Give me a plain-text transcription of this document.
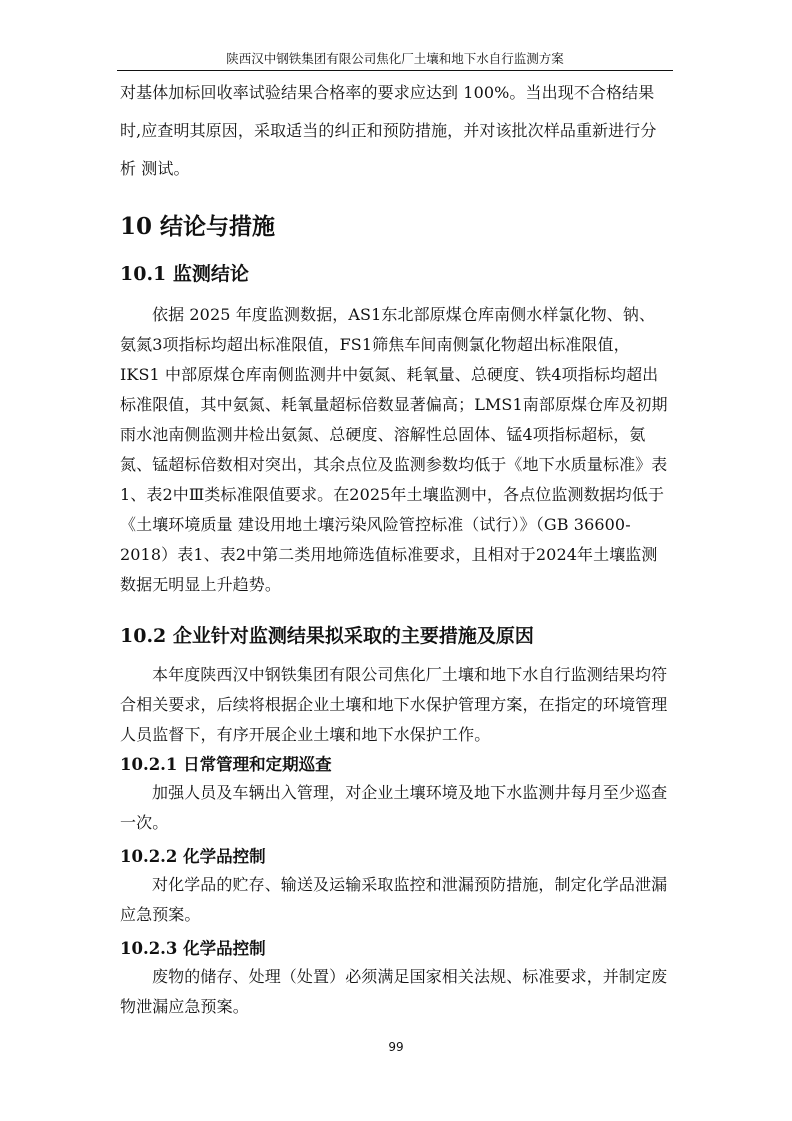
陕西汉中钢铁集团有限公司焦化厂土壤和地下水自行监测方案

对基体加标回收率试验结果合格率的要求应达到 100%。当出现不合格结果 时,应查明其原因，采取适当的纠正和预防措施，并对该批次样品重新进行分析 测试。

10 结论与措施
10.1 监测结论

依据 2025 年度监测数据，AS1东北部原煤仓库南侧水样氯化物、钠、氨氮3项指标均超出标准限值，FS1筛焦车间南侧氯化物超出标准限值，IKS1 中部原煤仓库南侧监测井中氨氮、耗氧量、总硬度、铁4项指标均超出标准限值，其中氨氮、耗氧量超标倍数显著偏高；LMS1南部原煤仓库及初期雨水池南侧监测井检出氨氮、总硬度、溶解性总固体、锰4项指标超标，氨氮、锰超标倍数相对突出，其余点位及监测参数均低于《地下水质量标准》表1、表2中Ⅲ类标准限值要求。在2025年土壤监测中，各点位监测数据均低于《土壤环境质量 建设用地土壤污染风险管控标准（试行）》（GB 36600-2018）表1、表2中第二类用地筛选值标准要求，且相对于2024年土壤监测数据无明显上升趋势。

10.2 企业针对监测结果拟采取的主要措施及原因

本年度陕西汉中钢铁集团有限公司焦化厂土壤和地下水自行监测结果均符合相关要求，后续将根据企业土壤和地下水保护管理方案，在指定的环境管理人员监督下，有序开展企业土壤和地下水保护工作。

10.2.1 日常管理和定期巡查

加强人员及车辆出入管理，对企业土壤环境及地下水监测井每月至少巡查一次。

10.2.2 化学品控制

对化学品的贮存、输送及运输采取监控和泄漏预防措施，制定化学品泄漏应急预案。

10.2.3 化学品控制

废物的储存、处理（处置）必须满足国家相关法规、标准要求，并制定废物泄漏应急预案。

99
